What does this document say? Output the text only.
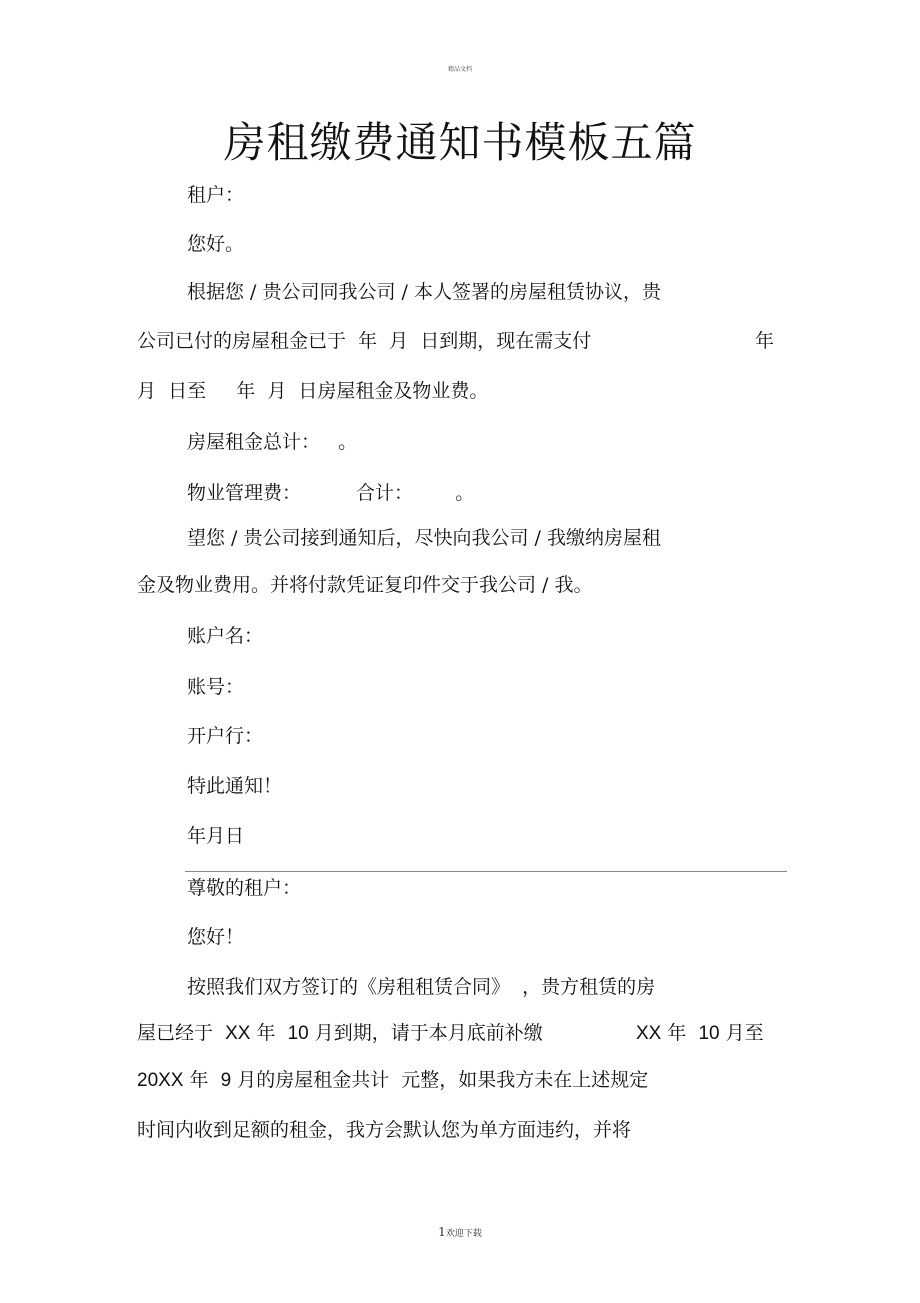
精品文档
房租缴费通知书模板五篇
租户：
您好。
根据您 / 贵公司同我公司 / 本人签署的房屋租赁协议，贵
公司已付的房屋租金已于  年  月  日到期，现在需支付	年
月  日至     年  月  日房屋租金及物业费。
房屋租金总计：   。
物业管理费：	合计：       。
望您 / 贵公司接到通知后，尽快向我公司 / 我缴纳房屋租
金及物业费用。并将付款凭证复印件交于我公司 / 我。
账户名：
账号：
开户行：
特此通知！
年月日
尊敬的租户：
您好！
按照我们双方签订的《房租租赁合同》  ，贵方租赁的房
屋已经于  XX 年  10 月到期，请于本月底前补缴	XX 年  10 月至
20XX 年  9 月的房屋租金共计  元整，如果我方未在上述规定
时间内收到足额的租金，我方会默认您为单方面违约，并将
1欢迎下载
